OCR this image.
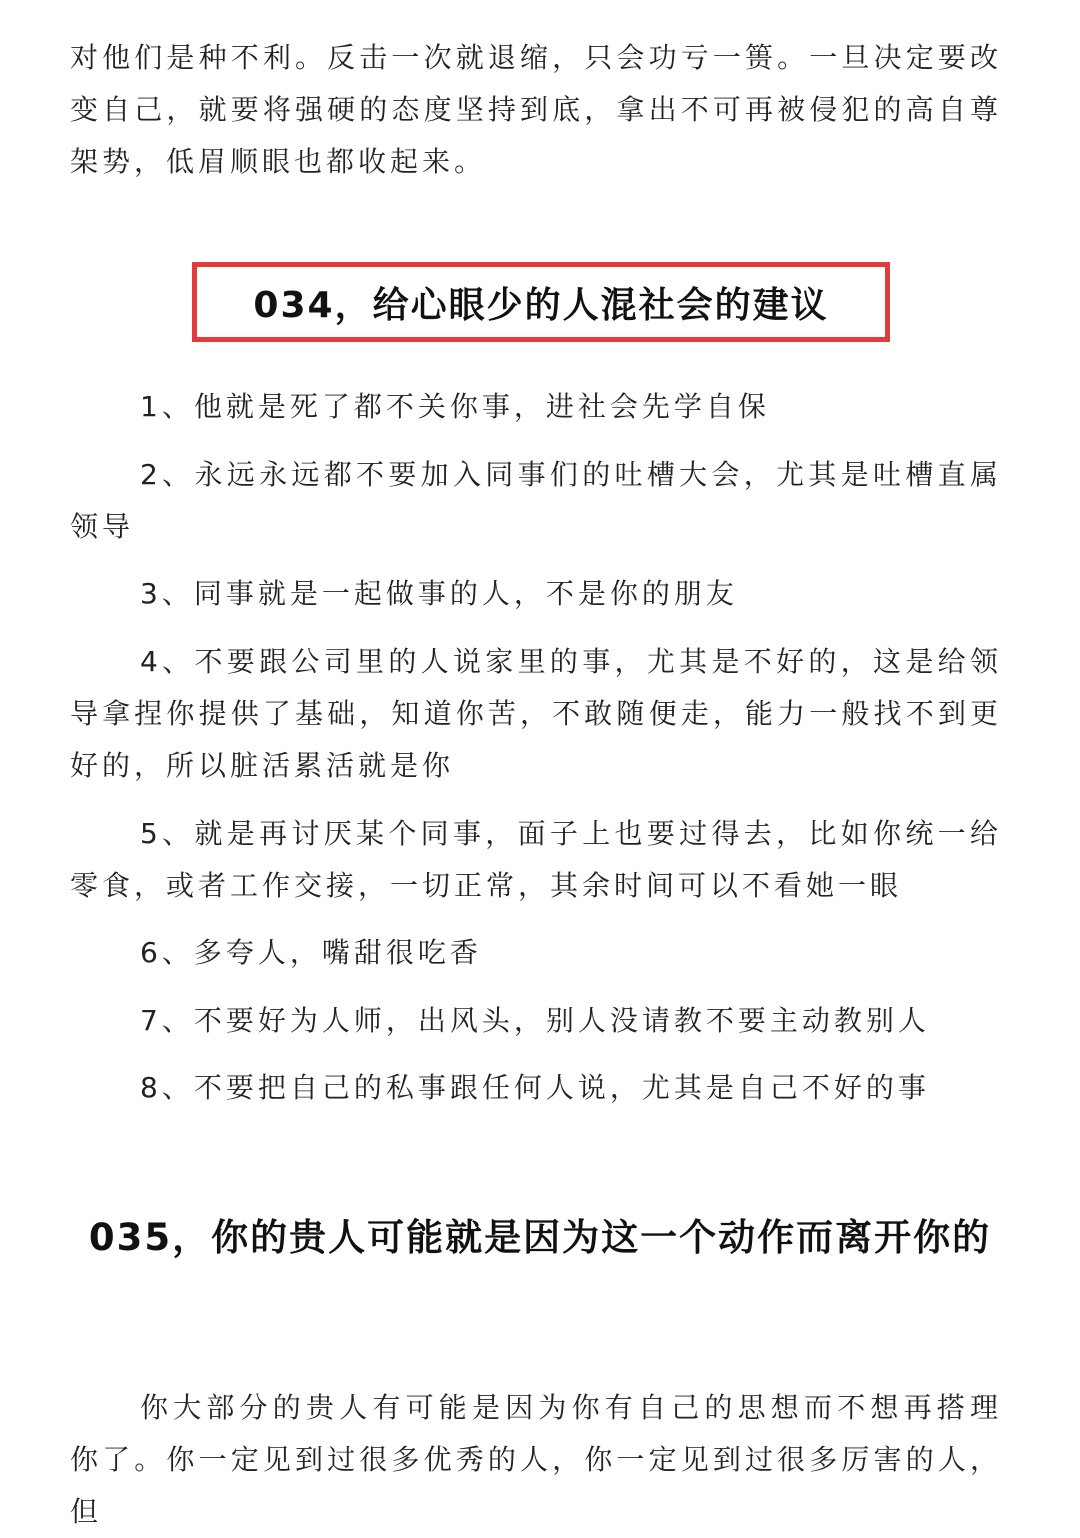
对他们是种不利。反击一次就退缩，只会功亏一篑。一旦决定要改变自己，就要将强硬的态度坚持到底，拿出不可再被侵犯的高自尊架势，低眉顺眼也都收起来。

034，给心眼少的人混社会的建议

1、他就是死了都不关你事，进社会先学自保

2、永远永远都不要加入同事们的吐槽大会，尤其是吐槽直属领导

3、同事就是一起做事的人，不是你的朋友

4、不要跟公司里的人说家里的事，尤其是不好的，这是给领导拿捏你提供了基础，知道你苦，不敢随便走，能力一般找不到更好的，所以脏活累活就是你

5、就是再讨厌某个同事，面子上也要过得去，比如你统一给零食，或者工作交接，一切正常，其余时间可以不看她一眼

6、多夸人，嘴甜很吃香

7、不要好为人师，出风头，别人没请教不要主动教别人

8、不要把自己的私事跟任何人说，尤其是自己不好的事

035，你的贵人可能就是因为这一个动作而离开你的

你大部分的贵人有可能是因为你有自己的思想而不想再搭理你了。你一定见到过很多优秀的人，你一定见到过很多厉害的人，但
